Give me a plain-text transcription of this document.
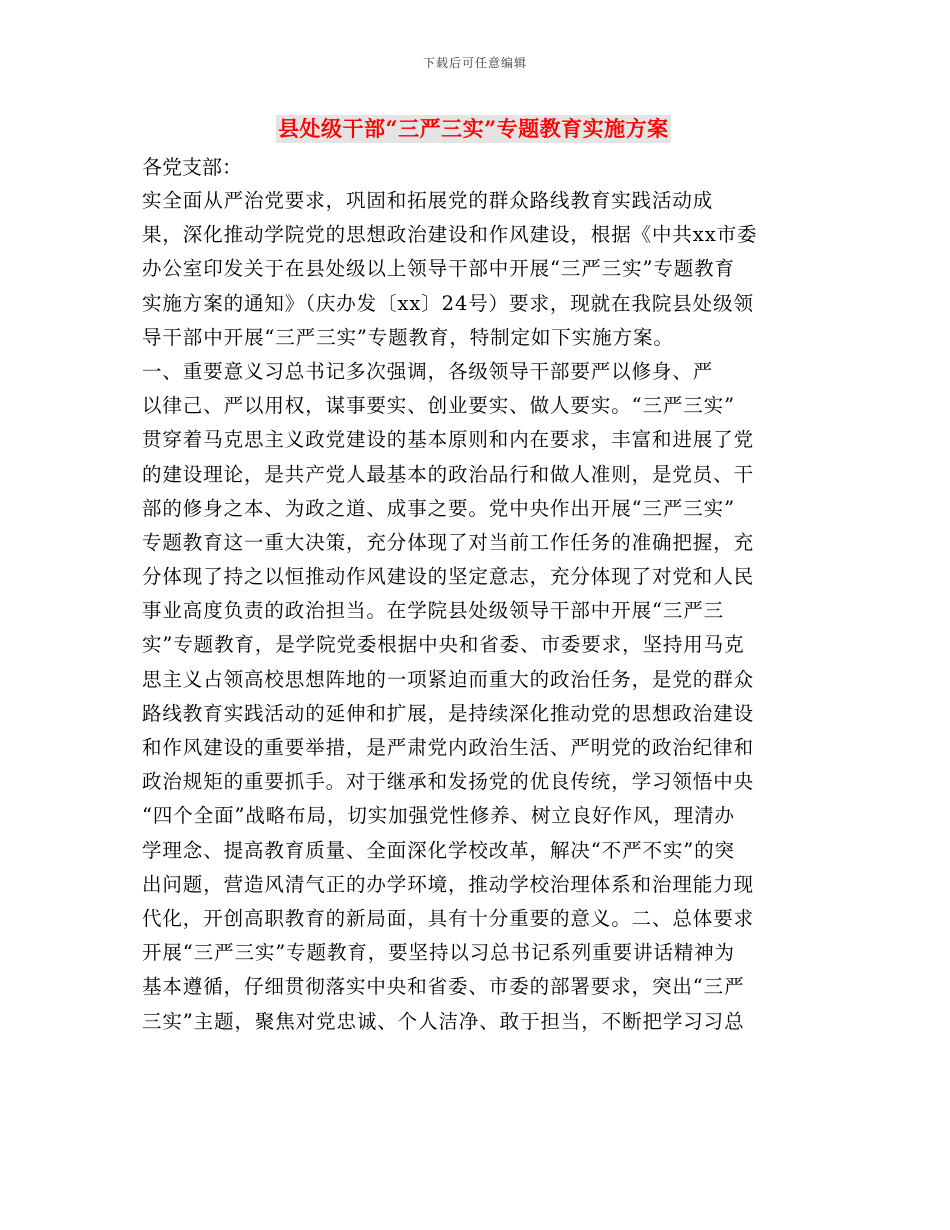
下载后可任意编辑
县处级干部“三严三实”专题教育实施方案
各党支部：
实全面从严治党要求，巩固和拓展党的群众路线教育实践活动成
果，深化推动学院党的思想政治建设和作风建设，根据《中共xx市委
办公室印发关于在县处级以上领导干部中开展“三严三实”专题教育
实施方案的通知》（庆办发〔xx〕24号）要求，现就在我院县处级领
导干部中开展“三严三实”专题教育，特制定如下实施方案。
一、重要意义习总书记多次强调，各级领导干部要严以修身、严
以律己、严以用权，谋事要实、创业要实、做人要实。“三严三实”
贯穿着马克思主义政党建设的基本原则和内在要求，丰富和进展了党
的建设理论，是共产党人最基本的政治品行和做人准则，是党员、干
部的修身之本、为政之道、成事之要。党中央作出开展“三严三实”
专题教育这一重大决策，充分体现了对当前工作任务的准确把握，充
分体现了持之以恒推动作风建设的坚定意志，充分体现了对党和人民
事业高度负责的政治担当。在学院县处级领导干部中开展“三严三
实”专题教育，是学院党委根据中央和省委、市委要求，坚持用马克
思主义占领高校思想阵地的一项紧迫而重大的政治任务，是党的群众
路线教育实践活动的延伸和扩展，是持续深化推动党的思想政治建设
和作风建设的重要举措，是严肃党内政治生活、严明党的政治纪律和
政治规矩的重要抓手。对于继承和发扬党的优良传统，学习领悟中央
“四个全面”战略布局，切实加强党性修养、树立良好作风，理清办
学理念、提高教育质量、全面深化学校改革，解决“不严不实”的突
出问题，营造风清气正的办学环境，推动学校治理体系和治理能力现
代化，开创高职教育的新局面，具有十分重要的意义。二、总体要求
开展“三严三实”专题教育，要坚持以习总书记系列重要讲话精神为
基本遵循，仔细贯彻落实中央和省委、市委的部署要求，突出“三严
三实”主题，聚焦对党忠诚、个人洁净、敢于担当，不断把学习习总
